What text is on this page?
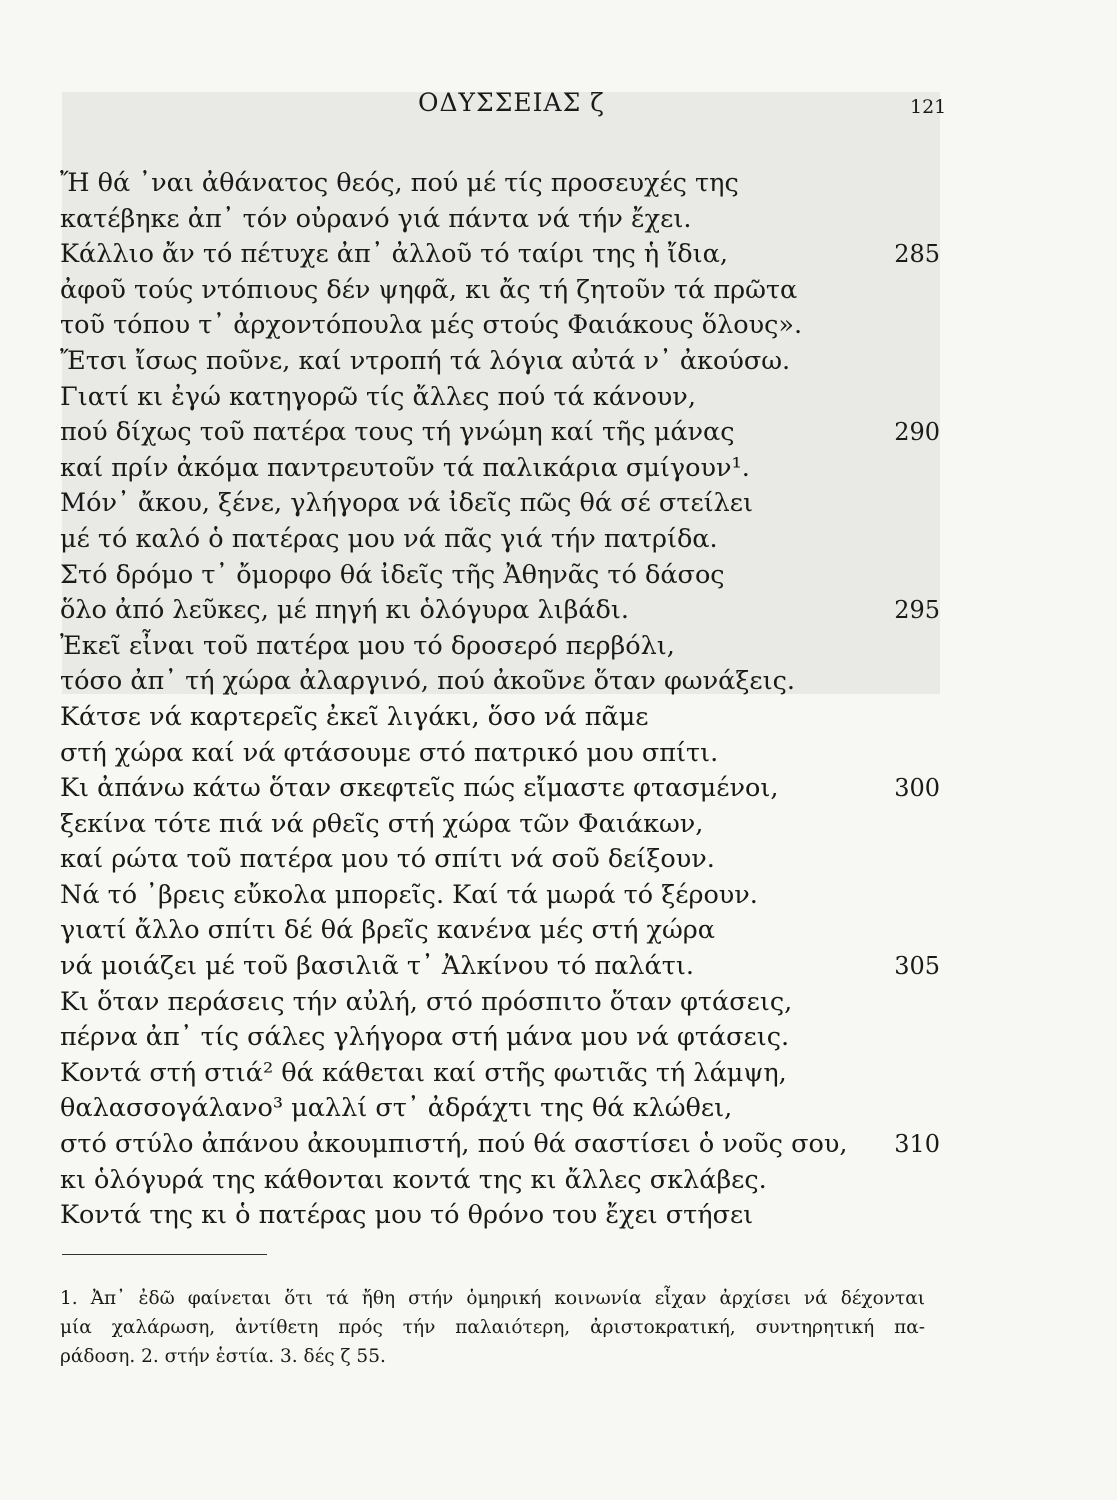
ΟΔΥΣΣΕΙΑΣ ζ	121
Ἤ θά ᾽ναι ἀθάνατος θεός, πού μέ τίς προσευχές της
κατέβηκε ἀπ᾽ τόν οὐρανό γιά πάντα νά τήν ἔχει.
Κάλλιο ἄν τό πέτυχε ἀπ᾽ ἀλλοῦ τό ταίρι της ἡ ἴδια,	285
ἀφοῦ τούς ντόπιους δέν ψηφᾶ, κι ἄς τή ζητοῦν τά πρῶτα
τοῦ τόπου τ᾽ ἀρχοντόπουλα μές στούς Φαιάκους ὅλους».
Ἔτσι ἴσως ποῦνε, καί ντροπή τά λόγια αὐτά ν᾽ ἀκούσω.
Γιατί κι ἐγώ κατηγορῶ τίς ἄλλες πού τά κάνουν,
πού δίχως τοῦ πατέρα τους τή γνώμη καί τῆς μάνας	290
καί πρίν ἀκόμα παντρευτοῦν τά παλικάρια σμίγουν¹.
Μόν᾽ ἄκου, ξένε, γλήγορα νά ἰδεῖς πῶς θά σέ στείλει
μέ τό καλό ὁ πατέρας μου νά πᾶς γιά τήν πατρίδα.
Στό δρόμο τ᾽ ὄμορφο θά ἰδεῖς τῆς Ἀθηνᾶς τό δάσος
ὅλο ἀπό λεῦκες, μέ πηγή κι ὁλόγυρα λιβάδι.	295
Ἐκεῖ εἶναι τοῦ πατέρα μου τό δροσερό περβόλι,
τόσο ἀπ᾽ τή χώρα ἀλαργινό, πού ἀκοῦνε ὅταν φωνάξεις.
Κάτσε νά καρτερεῖς ἐκεῖ λιγάκι, ὅσο νά πᾶμε
στή χώρα καί νά φτάσουμε στό πατρικό μου σπίτι.
Κι ἀπάνω κάτω ὅταν σκεφτεῖς πώς εἴμαστε φτασμένοι,	300
ξεκίνα τότε πιά νά ρθεῖς στή χώρα τῶν Φαιάκων,
καί ρώτα τοῦ πατέρα μου τό σπίτι νά σοῦ δείξουν.
Νά τό ᾽βρεις εὔκολα μπορεῖς. Καί τά μωρά τό ξέρουν.
γιατί ἄλλο σπίτι δέ θά βρεῖς κανένα μές στή χώρα
νά μοιάζει μέ τοῦ βασιλιᾶ τ᾽ Ἀλκίνου τό παλάτι.	305
Κι ὅταν περάσεις τήν αὐλή, στό πρόσπιτο ὅταν φτάσεις,
πέρνα ἀπ᾽ τίς σάλες γλήγορα στή μάνα μου νά φτάσεις.
Κοντά στή στιά² θά κάθεται καί στῆς φωτιᾶς τή λάμψη,
θαλασσογάλανο³ μαλλί στ᾽ ἀδράχτι της θά κλώθει,
στό στύλο ἀπάνου ἀκουμπιστή, πού θά σαστίσει ὁ νοῦς σου, 310
κι ὁλόγυρά της κάθονται κοντά της κι ἄλλες σκλάβες.
Κοντά της κι ὁ πατέρας μου τό θρόνο του ἔχει στήσει
1. Ἀπ᾽ ἐδῶ φαίνεται ὅτι τά ἤθη στήν ὁμηρική κοινωνία εἶχαν ἀρχίσει νά δέχονται
μία χαλάρωση, ἀντίθετη πρός τήν παλαιότερη, ἀριστοκρατική, συντηρητική πα-
ράδοση. 2. στήν ἑστία. 3. δές ζ 55.
